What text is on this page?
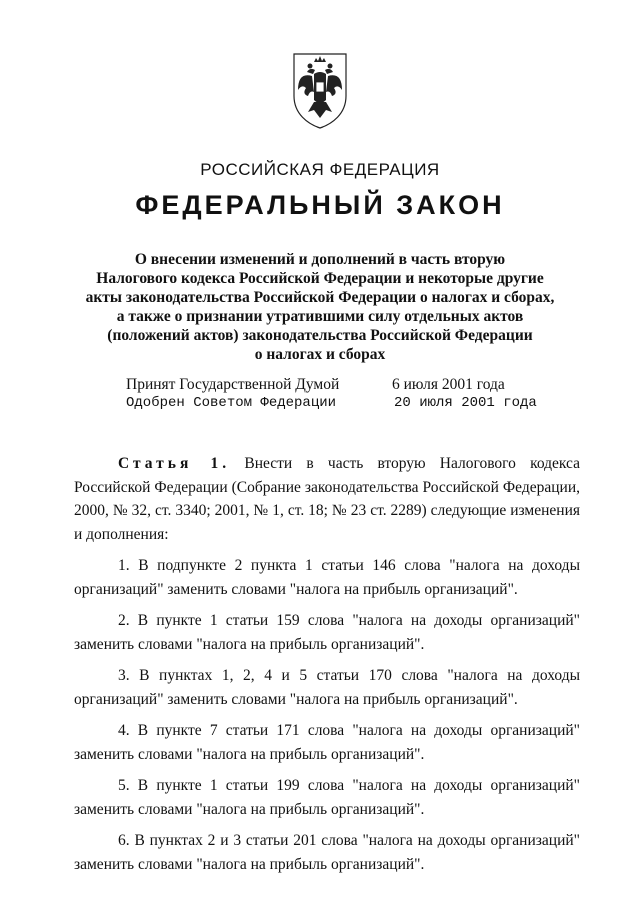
РОССИЙСКАЯ ФЕДЕРАЦИЯ
ФЕДЕРАЛЬНЫЙ ЗАКОН
О внесении изменений и дополнений в часть вторую
Налогового кодекса Российской Федерации и некоторые другие
акты законодательства Российской Федерации о налогах и сборах,
а также о признании утратившими силу отдельных актов
(положений актов) законодательства Российской Федерации
о налогах и сборах
Принят Государственной Думой	6 июля 2001 года
Одобрен Советом Федерации	20 июля 2001 года

Статья 1. Внести в часть вторую Налогового кодекса Российской Федерации (Собрание законодательства Российской Федерации, 2000, № 32, ст. 3340; 2001, № 1, ст. 18; № 23 ст. 2289) следующие изменения и дополнения:

1. В подпункте 2 пункта 1 статьи 146 слова "налога на доходы организаций" заменить словами "налога на прибыль организаций".

2. В пункте 1 статьи 159 слова "налога на доходы организаций" заменить словами "налога на прибыль организаций".

3. В пунктах 1, 2, 4 и 5 статьи 170 слова "налога на доходы организаций" заменить словами "налога на прибыль организаций".

4. В пункте 7 статьи 171 слова "налога на доходы организаций" заменить словами "налога на прибыль организаций".

5. В пункте 1 статьи 199 слова "налога на доходы организаций" заменить словами "налога на прибыль организаций".

6. В пунктах 2 и 3 статьи 201 слова "налога на доходы организаций" заменить словами "налога на прибыль организаций".
